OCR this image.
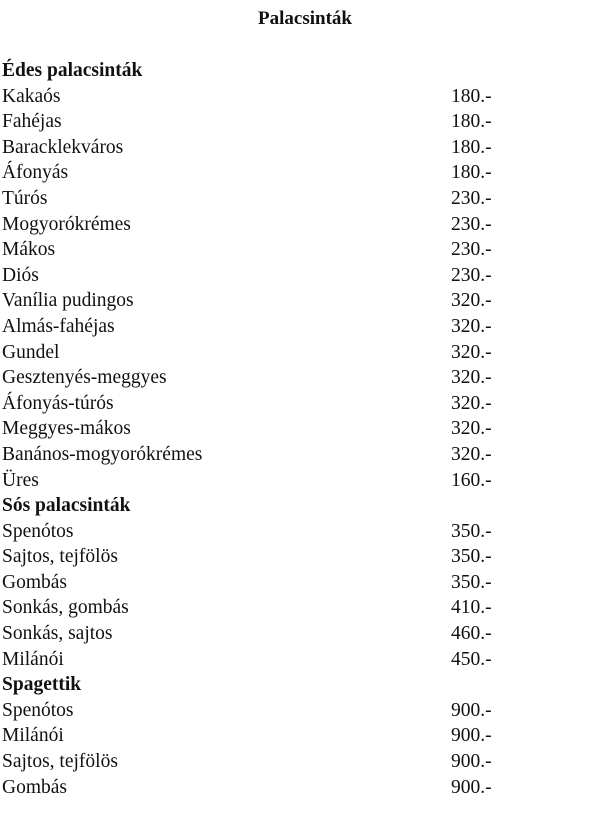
Palacsinták
Édes palacsinták
Kakaós	180.-
Fahéjas	180.-
Baracklekváros	180.-
Áfonyás	180.-
Túrós	230.-
Mogyorókrémes	230.-
Mákos	230.-
Diós	230.-
Vanília pudingos	320.-
Almás-fahéjas	320.-
Gundel	320.-
Gesztenyés-meggyes	320.-
Áfonyás-túrós	320.-
Meggyes-mákos	320.-
Banános-mogyorókrémes	320.-
Üres	160.-
Sós palacsinták
Spenótos	350.-
Sajtos, tejfölös	350.-
Gombás	350.-
Sonkás, gombás	410.-
Sonkás, sajtos	460.-
Milánói	450.-
Spagettik
Spenótos	900.-
Milánói	900.-
Sajtos, tejfölös	900.-
Gombás	900.-
